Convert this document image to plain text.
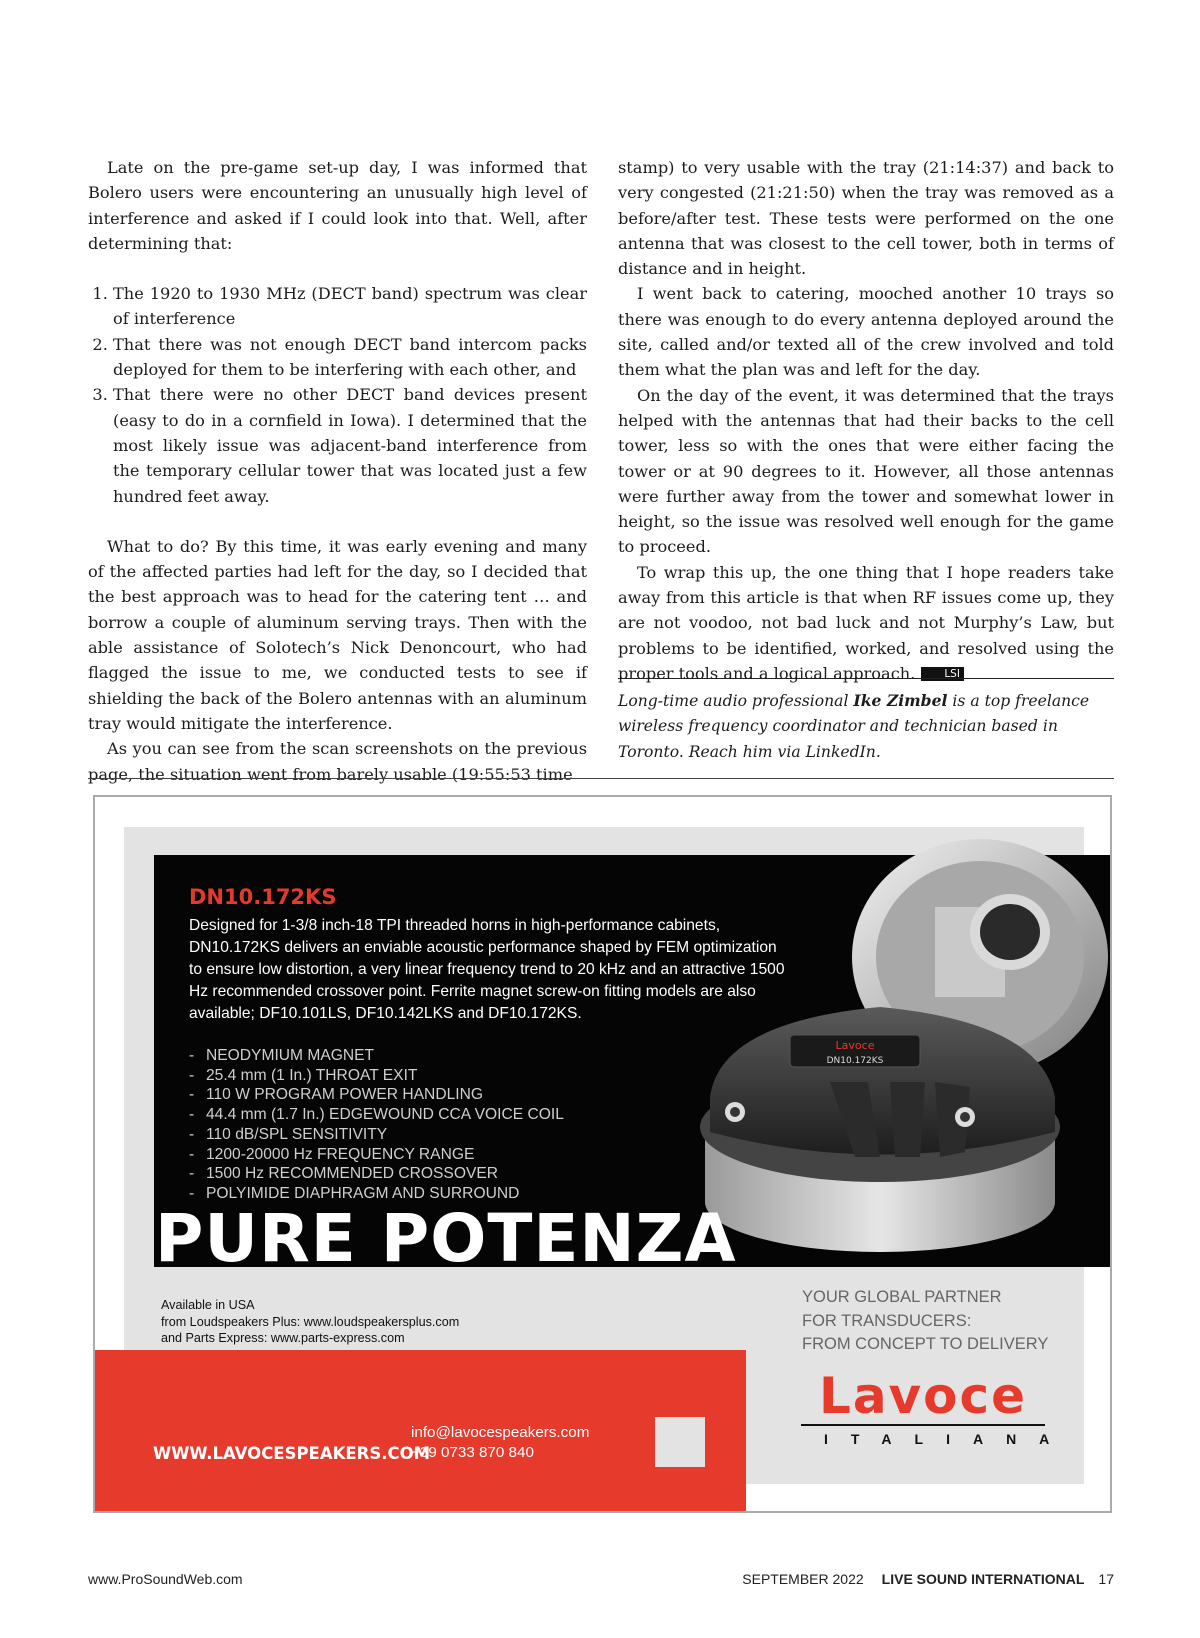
Late on the pre-game set-up day, I was informed that Bolero users were encountering an unusually high level of interference and asked if I could look into that. Well, after determining that:

1. The 1920 to 1930 MHz (DECT band) spectrum was clear of interference
2. That there was not enough DECT band intercom packs deployed for them to be interfering with each other, and
3. That there were no other DECT band devices present (easy to do in a cornfield in Iowa). I determined that the most likely issue was adjacent-band interference from the temporary cellular tower that was located just a few hundred feet away.

What to do? By this time, it was early evening and many of the affected parties had left for the day, so I decided that the best approach was to head for the catering tent … and borrow a couple of aluminum serving trays. Then with the able assistance of Solotech’s Nick Denoncourt, who had flagged the issue to me, we conducted tests to see if shielding the back of the Bolero antennas with an aluminum tray would mitigate the interference.

As you can see from the scan screenshots on the previous page, the situation went from barely usable (19:55:53 time

stamp) to very usable with the tray (21:14:37) and back to very congested (21:21:50) when the tray was removed as a before/after test. These tests were performed on the one antenna that was closest to the cell tower, both in terms of distance and in height.

I went back to catering, mooched another 10 trays so there was enough to do every antenna deployed around the site, called and/or texted all of the crew involved and told them what the plan was and left for the day.

On the day of the event, it was determined that the trays helped with the antennas that had their backs to the cell tower, less so with the ones that were either facing the tower or at 90 degrees to it. However, all those antennas were further away from the tower and somewhat lower in height, so the issue was resolved well enough for the game to proceed.

To wrap this up, the one thing that I hope readers take away from this article is that when RF issues come up, they are not voodoo, not bad luck and not Murphy’s Law, but problems to be identified, worked, and resolved using the proper tools and a logical approach.	LSI

Long-time audio professional Ike Zimbel is a top freelance wireless frequency coordinator and technician based in Toronto. Reach him via LinkedIn.
Lavoce
DN10.172KS
DN10.172KS
Designed for 1-3/8 inch-18 TPI threaded horns in high-performance cabinets, DN10.172KS delivers an enviable acoustic performance shaped by FEM optimization to ensure low distortion, a very linear frequency trend to 20 kHz and an attractive 1500 Hz recommended crossover point. Ferrite magnet screw-on fitting models are also available; DF10.101LS, DF10.142LKS and DF10.172KS.
- NEODYMIUM MAGNET
- 25.4 mm (1 In.) THROAT EXIT
- 110 W PROGRAM POWER HANDLING
- 44.4 mm (1.7 In.) EDGEWOUND CCA VOICE COIL
- 110 dB/SPL SENSITIVITY
- 1200-20000 Hz FREQUENCY RANGE
- 1500 Hz RECOMMENDED CROSSOVER
- POLYIMIDE DIAPHRAGM AND SURROUND
PURE POTENZA
Available in USA
from Loudspeakers Plus: www.loudspeakersplus.com
and Parts Express: www.parts-express.com
YOUR GLOBAL PARTNER
FOR TRANSDUCERS:
FROM CONCEPT TO DELIVERY
WWW.LAVOCESPEAKERS.COM
info@lavocespeakers.com
+39 0733 870 840
Lavoce
ITALIANA
www.ProSoundWeb.com	SEPTEMBER 2022 LIVE SOUND INTERNATIONAL 17
